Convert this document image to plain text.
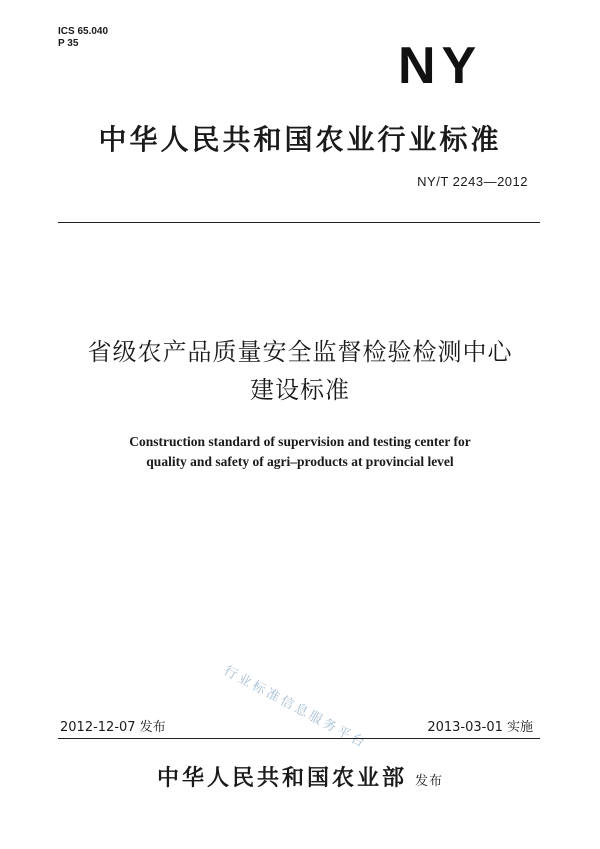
ICS 65.040
P 35	NY
中华人民共和国农业行业标准
NY/T 2243—2012
省级农产品质量安全监督检验检测中心
建设标准
Construction standard of supervision and testing center for
quality and safety of agri–products at provincial level
行业标准信息服务平台
2012-12-07 发布	2013-03-01 实施
中华人民共和国农业部 发布
